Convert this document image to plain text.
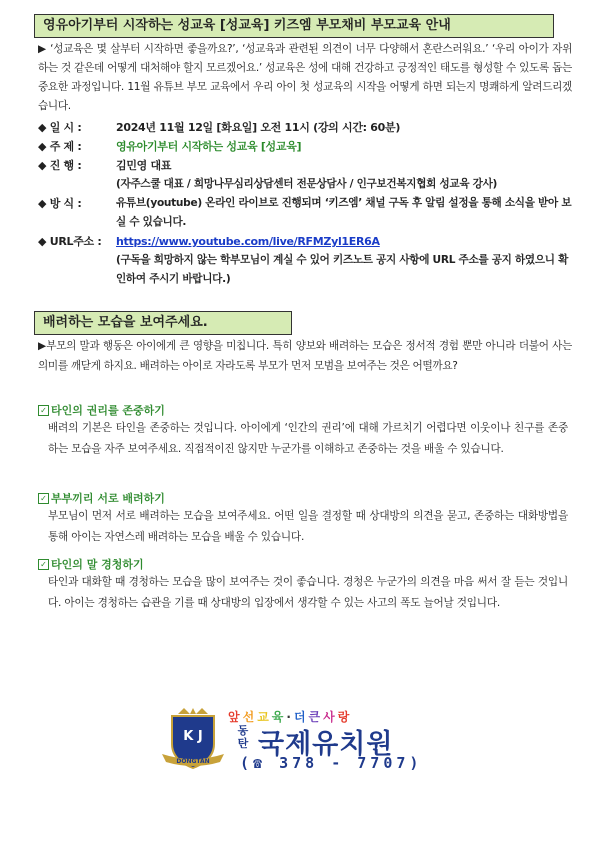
영유아기부터 시작하는 성교육 [성교육] 키즈엠 부모채비 부모교육 안내
▶ ‘성교육은 몇 살부터 시작하면 좋을까요?’, ‘성교육과 관련된 의견이 너무 다양해서 혼란스러워요.’ ‘우리 아이가 자위하는 것 같은데 어떻게 대처해야 할지 모르겠어요.’ 성교육은 성에 대해 건강하고 긍정적인 태도를 형성할 수 있도록 돕는 중요한 과정입니다. 11월 유튜브 부모 교육에서 우리 아이 첫 성교육의 시작을 어떻게 하면 되는지 명쾌하게 알려드리겠습니다.
◆ 일 시 :	2024년 11월 12일 [화요일] 오전 11시 (강의 시간: 60분)
◆ 주 제 :	영유아기부터 시작하는 성교육 [성교육]
◆ 진 행 :	김민영 대표
(자주스쿨 대표 / 희망나무심리상담센터 전문상담사 / 인구보건복지협회 성교육 강사)
◆ 방 식 :	유튜브(youtube) 온라인 라이브로 진행되며 ‘키즈엠’ 채널 구독 후 알림 설정을 통해 소식을 받아 보실 수 있습니다.
◆ URL주소 : https://www.youtube.com/live/RFMZyl1ER6A
(구독을 희망하지 않는 학부모님이 계실 수 있어 키즈노트 공지 사항에 URL 주소를 공지 하였으니 확인하여 주시기 바랍니다.)
배려하는 모습을 보여주세요.
▶부모의 말과 행동은 아이에게 큰 영향을 미칩니다. 특히 양보와 배려하는 모습은 정서적 경험 뿐만 아니라 더불어 사는 의미를 깨닫게 하지요. 배려하는 아이로 자라도록 부모가 먼저 모범을 보여주는 것은 어떨까요?
✓ 타인의 권리를 존중하기
배려의 기본은 타인을 존중하는 것입니다. 아이에게 ‘인간의 권리’에 대해 가르치기 어렵다면 이웃이나 친구를 존중하는 모습을 자주 보여주세요. 직접적이진 않지만 누군가를 이해하고 존중하는 것을 배울 수 있습니다.
✓ 부부끼리 서로 배려하기
부모님이 먼저 서로 배려하는 모습을 보여주세요. 어떤 일을 결정할 때 상대방의 의견을 묻고, 존중하는 대화방법을 통해 아이는 자연스레 배려하는 모습을 배울 수 있습니다.
✓ 타인의 말 경청하기
타인과 대화할 때 경청하는 모습을 많이 보여주는 것이 좋습니다. 경청은 누군가의 의견을 마음 써서 잘 듣는 것입니다. 아이는 경청하는 습관을 기를 때 상대방의 입장에서 생각할 수 있는 사고의 폭도 늘어날 것입니다.
K J
DONGTAN
앞선교육·더큰사랑
동
탄 국제유치원
(☎ 378 - 7707)
